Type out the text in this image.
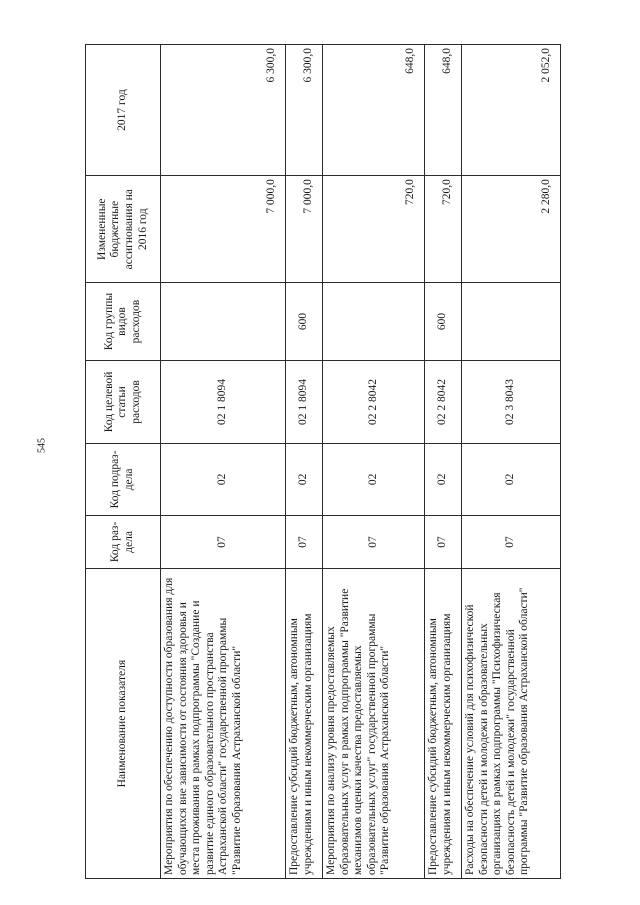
545
Наименование показателя	Код раз-дела	Код подраз-дела	Код целевой статьи расходов	Код группы видов расходов	Измененные бюджетные ассигнования на 2016 год	2017 год
Мероприятия по обеспечению доступности образования для обучающихся вне зависимости от состояния здоровья и места проживания в рамках подпрограммы "Создание и развитие единого образовательного пространства Астраханской области" государственной программы "Развитие образования Астраханской области"	07	02	02 1 8094		7 000,0	6 300,0
Предоставление субсидий бюджетным, автономным учреждениям и иным некоммерческим организациям	07	02	02 1 8094	600	7 000,0	6 300,0
Мероприятия по анализу уровня предоставляемых образовательных услуг в рамках подпрограммы "Развитие механизмов оценки качества предоставляемых образовательных услуг" государственной программы "Развитие образования Астраханской области"	07	02	02 2 8042		720,0	648,0
Предоставление субсидий бюджетным, автономным учреждениям и иным некоммерческим организациям	07	02	02 2 8042	600	720,0	648,0
Расходы на обеспечение условий для психофизической безопасности детей и молодежи в образовательных организациях в рамках подпрограммы "Психофизическая безопасность детей и молодежи" государственной программы "Развитие образования Астраханской области"	07	02	02 3 8043		2 280,0	2 052,0
